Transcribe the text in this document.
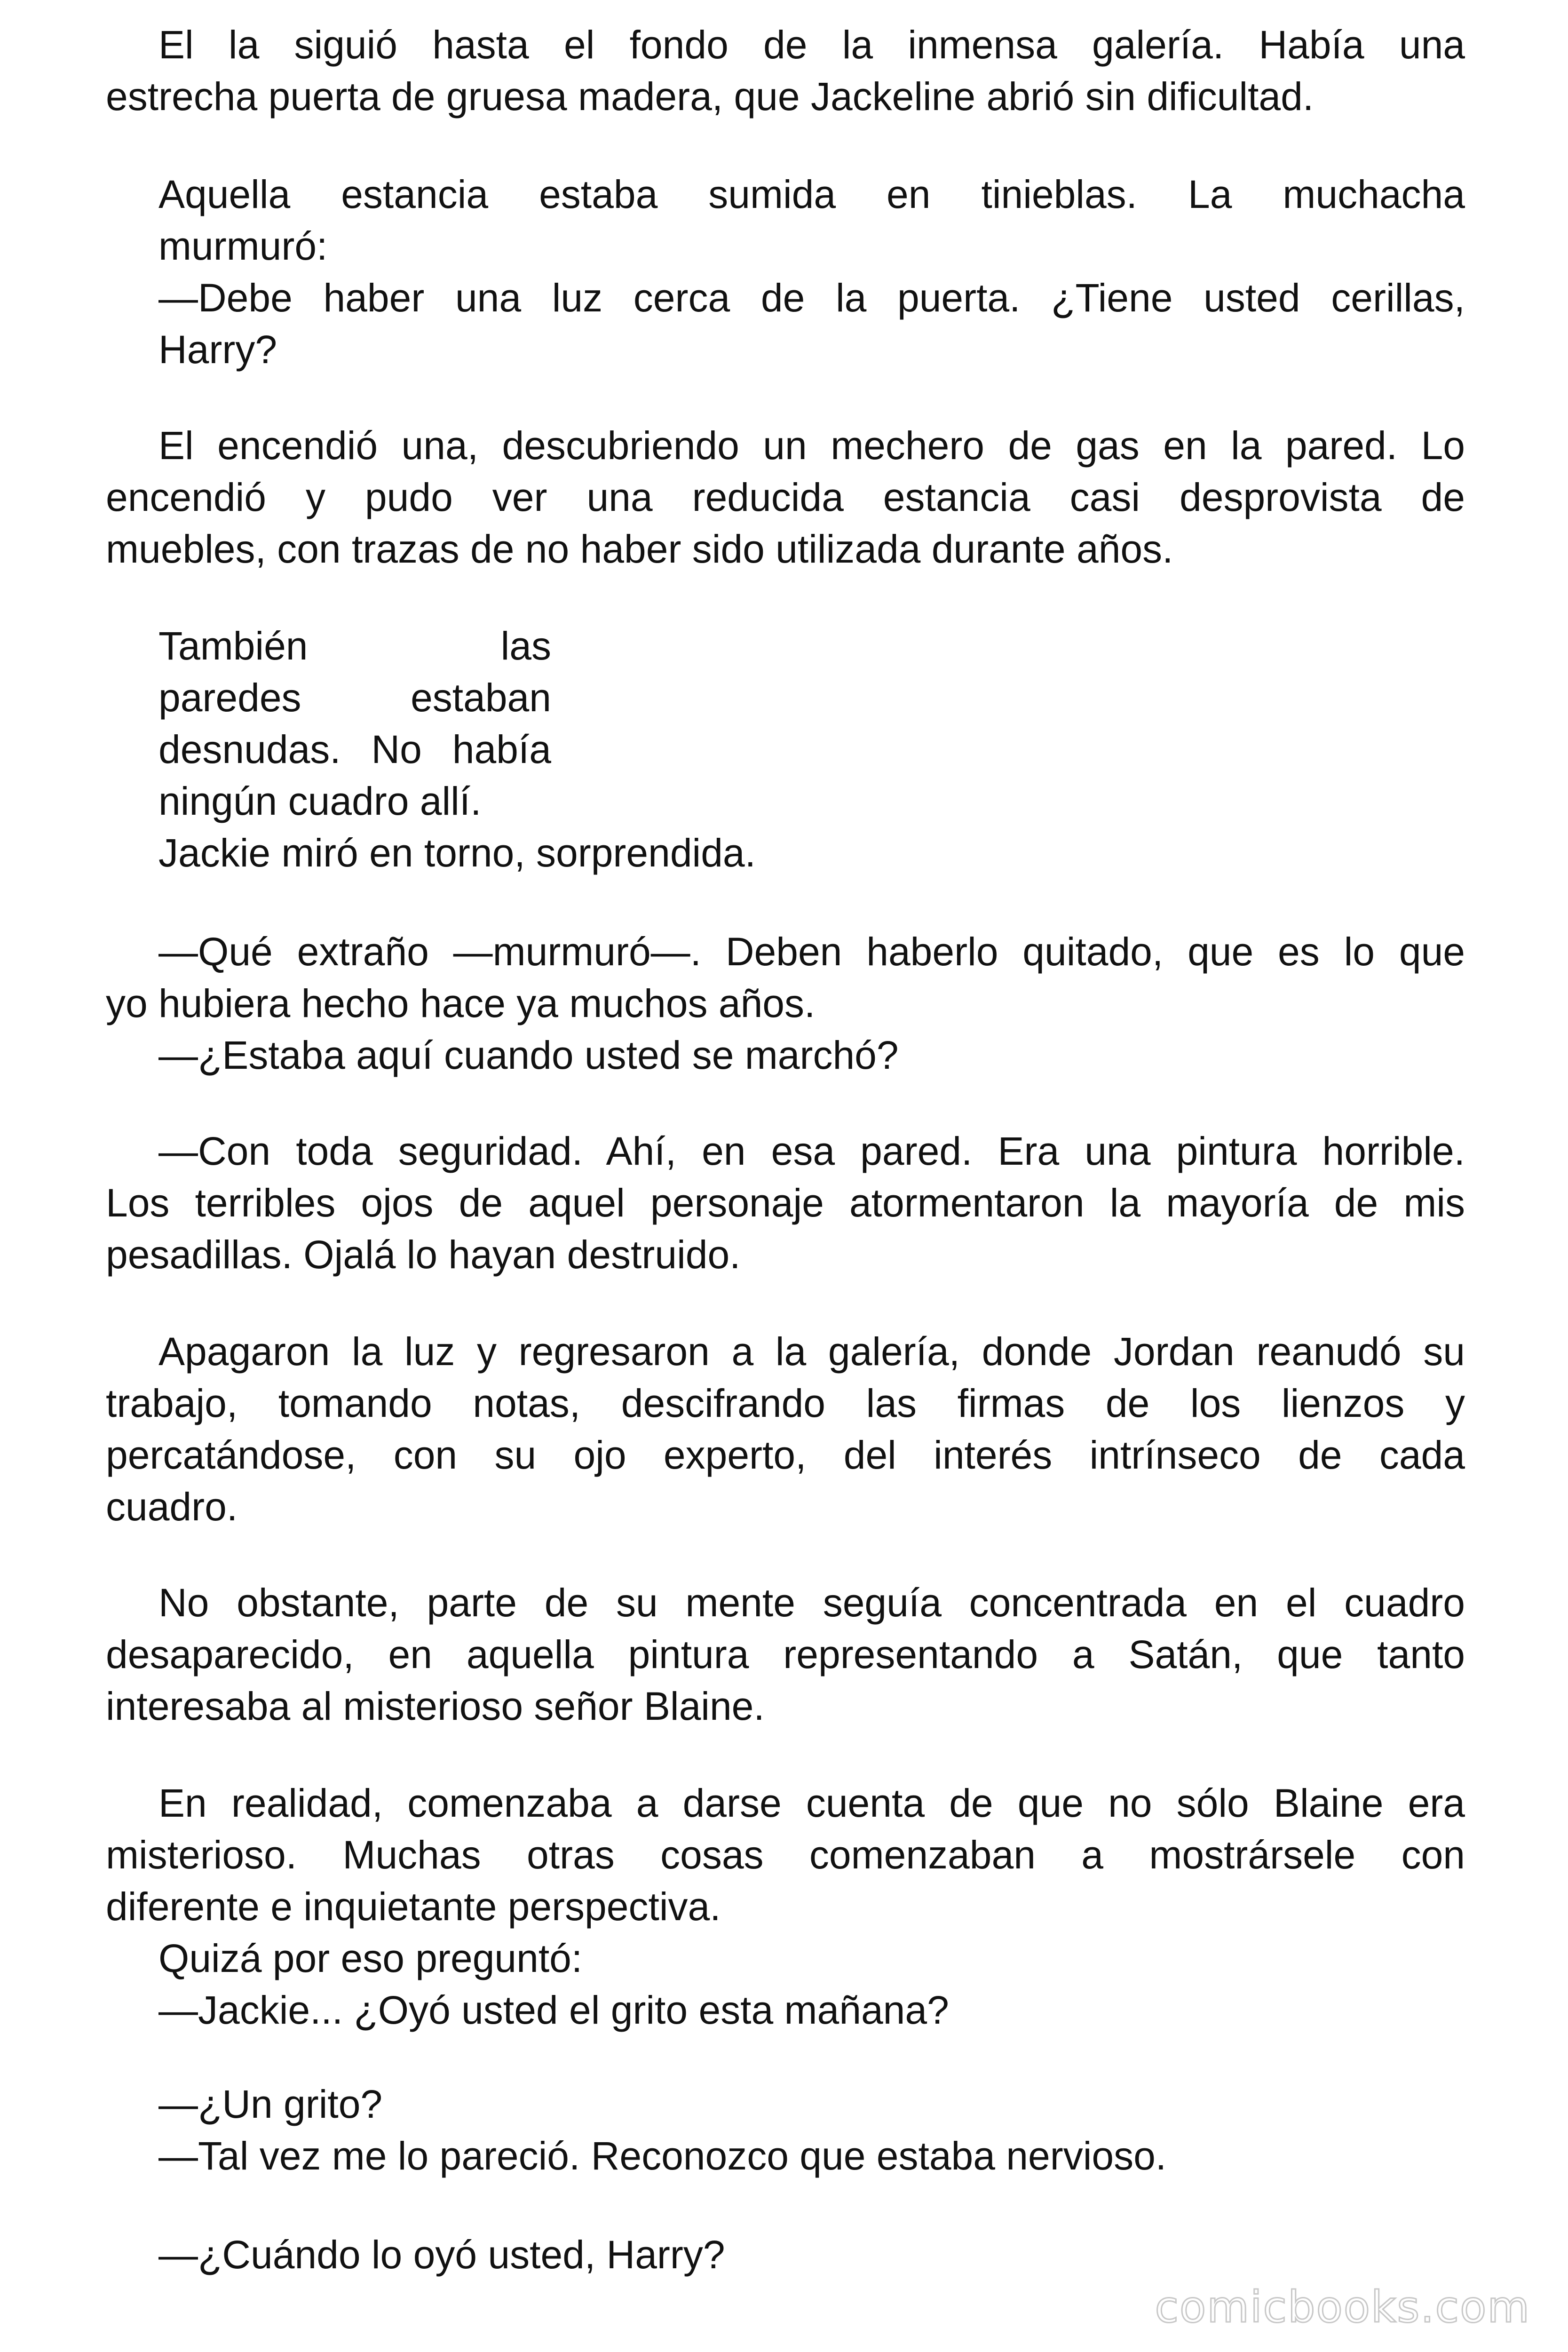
El la siguió hasta el fondo de la inmensa galería. Había una
estrecha puerta de gruesa madera, que Jackeline abrió sin dificultad.
Aquella estancia estaba sumida en tinieblas. La muchacha
murmuró:
—Debe haber una luz cerca de la puerta. ¿Tiene usted cerillas,
Harry?
El encendió una, descubriendo un mechero de gas en la pared. Lo
encendió y pudo ver una reducida estancia casi desprovista de
muebles, con trazas de no haber sido utilizada durante años.
También las
paredes estaban
desnudas. No había
ningún cuadro allí.
Jackie miró en torno, sorprendida.
—Qué extraño —murmuró—. Deben haberlo quitado, que es lo que
yo hubiera hecho hace ya muchos años.
—¿Estaba aquí cuando usted se marchó?
—Con toda seguridad. Ahí, en esa pared. Era una pintura horrible.
Los terribles ojos de aquel personaje atormentaron la mayoría de mis
pesadillas. Ojalá lo hayan destruido.
Apagaron la luz y regresaron a la galería, donde Jordan reanudó su
trabajo, tomando notas, descifrando las firmas de los lienzos y
percatándose, con su ojo experto, del interés intrínseco de cada
cuadro.
No obstante, parte de su mente seguía concentrada en el cuadro
desaparecido, en aquella pintura representando a Satán, que tanto
interesaba al misterioso señor Blaine.
En realidad, comenzaba a darse cuenta de que no sólo Blaine era
misterioso. Muchas otras cosas comenzaban a mostrársele con
diferente e inquietante perspectiva.
Quizá por eso preguntó:
—Jackie... ¿Oyó usted el grito esta mañana?
—¿Un grito?
—Tal vez me lo pareció. Reconozco que estaba nervioso.
—¿Cuándo lo oyó usted, Harry?
comicbooks.com
